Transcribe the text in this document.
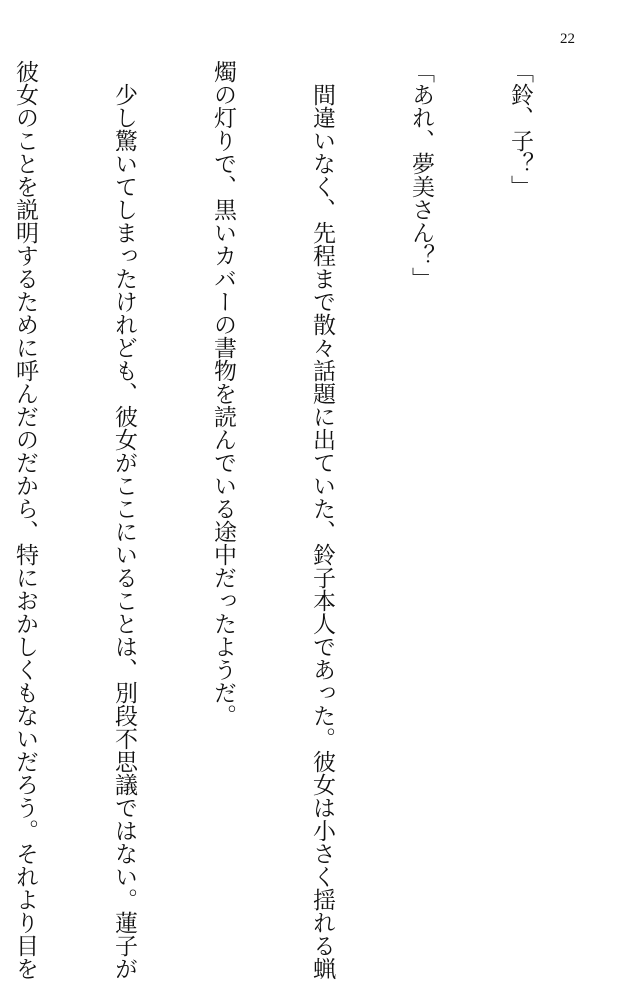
22

「鈴、子？」

「あれ、夢美さん？」

　間違いなく、先程まで散々話題に出ていた、鈴子本人であった。彼女は小さく揺れる蝋

燭の灯りで、黒いカバーの書物を読んでいる途中だったようだ。

　少し驚いてしまったけれども、彼女がここにいることは、別段不思議ではない。蓮子が

彼女のことを説明するために呼んだのだから、特におかしくもないだろう。それより目を
